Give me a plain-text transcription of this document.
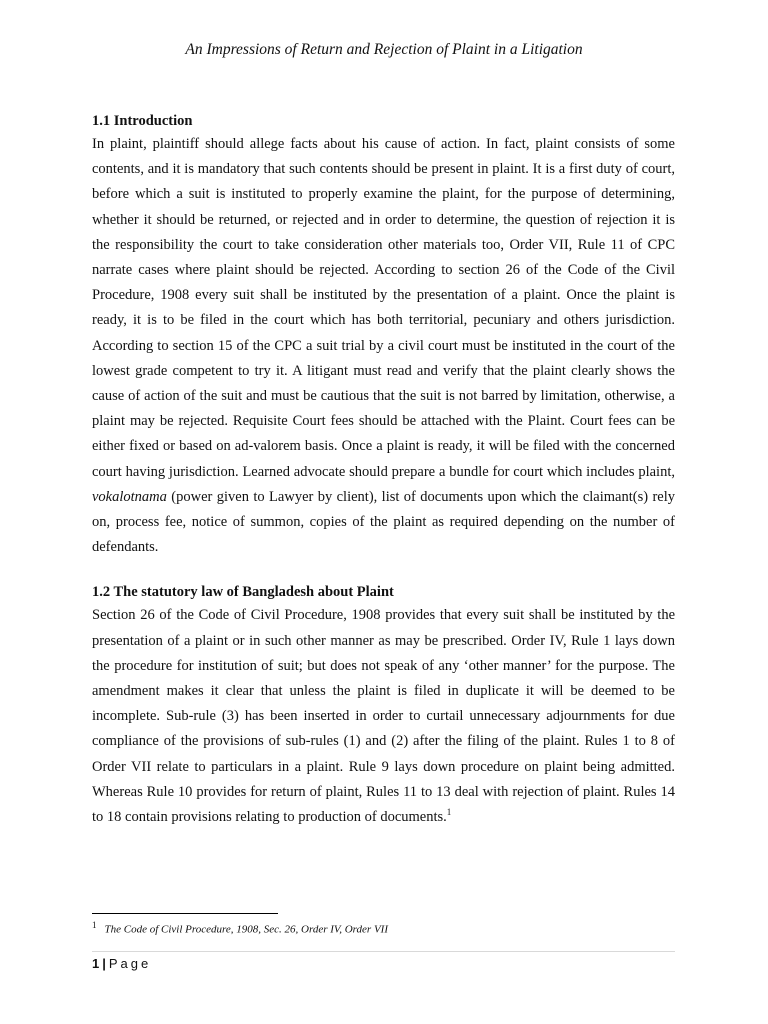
An Impressions of Return and Rejection of Plaint in a Litigation

1.1 Introduction

In plaint, plaintiff should allege facts about his cause of action. In fact, plaint consists of some contents, and it is mandatory that such contents should be present in plaint. It is a first duty of court, before which a suit is instituted to properly examine the plaint, for the purpose of determining, whether it should be returned, or rejected and in order to determine, the question of rejection it is the responsibility the court to take consideration other materials too, Order VII, Rule 11 of CPC narrate cases where plaint should be rejected. According to section 26 of the Code of the Civil Procedure, 1908 every suit shall be instituted by the presentation of a plaint. Once the plaint is ready, it is to be filed in the court which has both territorial, pecuniary and others jurisdiction. According to section 15 of the CPC a suit trial by a civil court must be instituted in the court of the lowest grade competent to try it. A litigant must read and verify that the plaint clearly shows the cause of action of the suit and must be cautious that the suit is not barred by limitation, otherwise, a plaint may be rejected. Requisite Court fees should be attached with the Plaint. Court fees can be either fixed or based on ad-valorem basis. Once a plaint is ready, it will be filed with the concerned court having jurisdiction. Learned advocate should prepare a bundle for court which includes plaint, vokalotnama (power given to Lawyer by client), list of documents upon which the claimant(s) rely on, process fee, notice of summon, copies of the plaint as required depending on the number of defendants.

1.2 The statutory law of Bangladesh about Plaint

Section 26 of the Code of Civil Procedure, 1908 provides that every suit shall be instituted by the presentation of a plaint or in such other manner as may be prescribed. Order IV, Rule 1 lays down the procedure for institution of suit; but does not speak of any ‘other manner’ for the purpose. The amendment makes it clear that unless the plaint is filed in duplicate it will be deemed to be incomplete. Sub-rule (3) has been inserted in order to curtail unnecessary adjournments for due compliance of the provisions of sub-rules (1) and (2) after the filing of the plaint. Rules 1 to 8 of Order VII relate to particulars in a plaint. Rule 9 lays down procedure on plaint being admitted. Whereas Rule 10 provides for return of plaint, Rules 11 to 13 deal with rejection of plaint. Rules 14 to 18 contain provisions relating to production of documents.$^1$

$^1$ The Code of Civil Procedure, 1908, Sec. 26, Order IV, Order VII
1 | Page
